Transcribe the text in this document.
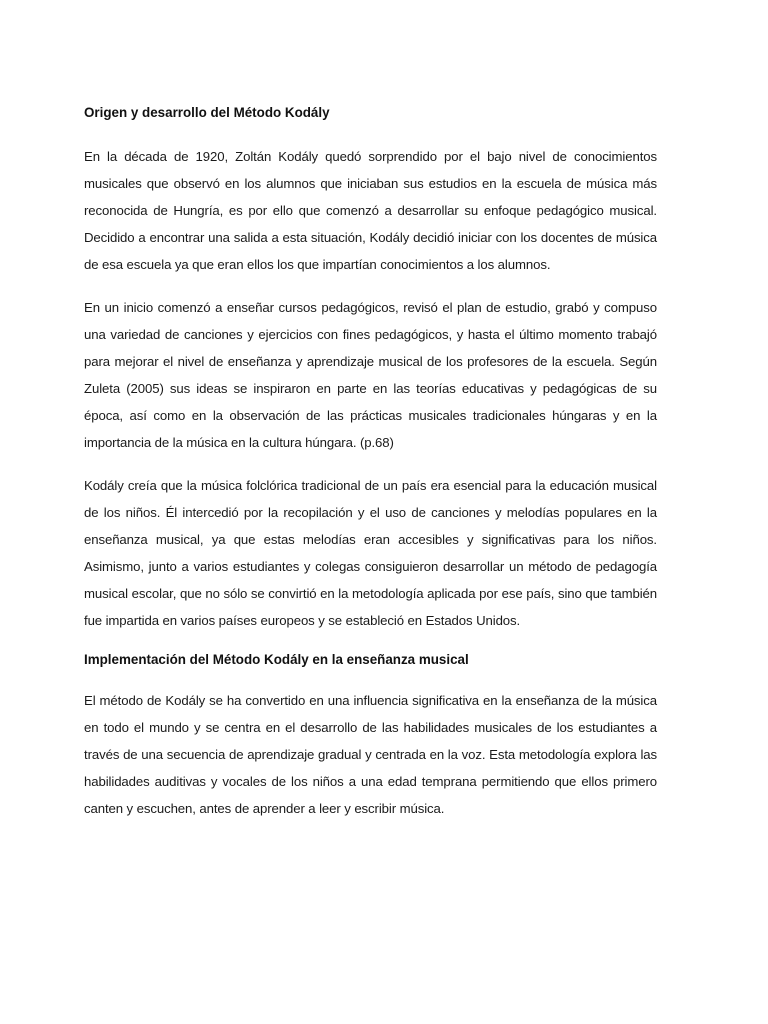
Origen y desarrollo del Método Kodály

En la década de 1920, Zoltán Kodály quedó sorprendido por el bajo nivel de conocimientos musicales que observó en los alumnos que iniciaban sus estudios en la escuela de música más reconocida de Hungría, es por ello que comenzó a desarrollar su enfoque pedagógico musical. Decidido a encontrar una salida a esta situación, Kodály decidió iniciar con los docentes de música de esa escuela ya que eran ellos los que impartían conocimientos a los alumnos.

En un inicio comenzó a enseñar cursos pedagógicos, revisó el plan de estudio, grabó y compuso una variedad de canciones y ejercicios con fines pedagógicos, y hasta el último momento trabajó para mejorar el nivel de enseñanza y aprendizaje musical de los profesores de la escuela. Según Zuleta (2005) sus ideas se inspiraron en parte en las teorías educativas y pedagógicas de su época, así como en la observación de las prácticas musicales tradicionales húngaras y en la importancia de la música en la cultura húngara. (p.68)

Kodály creía que la música folclórica tradicional de un país era esencial para la educación musical de los niños. Él intercedió por la recopilación y el uso de canciones y melodías populares en la enseñanza musical, ya que estas melodías eran accesibles y significativas para los niños. Asimismo, junto a varios estudiantes y colegas consiguieron desarrollar un método de pedagogía musical escolar, que no sólo se convirtió en la metodología aplicada por ese país, sino que también fue impartida en varios países europeos y se estableció en Estados Unidos.

Implementación del Método Kodály en la enseñanza musical

El método de Kodály se ha convertido en una influencia significativa en la enseñanza de la música en todo el mundo y se centra en el desarrollo de las habilidades musicales de los estudiantes a través de una secuencia de aprendizaje gradual y centrada en la voz. Esta metodología explora las habilidades auditivas y vocales de los niños a una edad temprana permitiendo que ellos primero canten y escuchen, antes de aprender a leer y escribir música.
